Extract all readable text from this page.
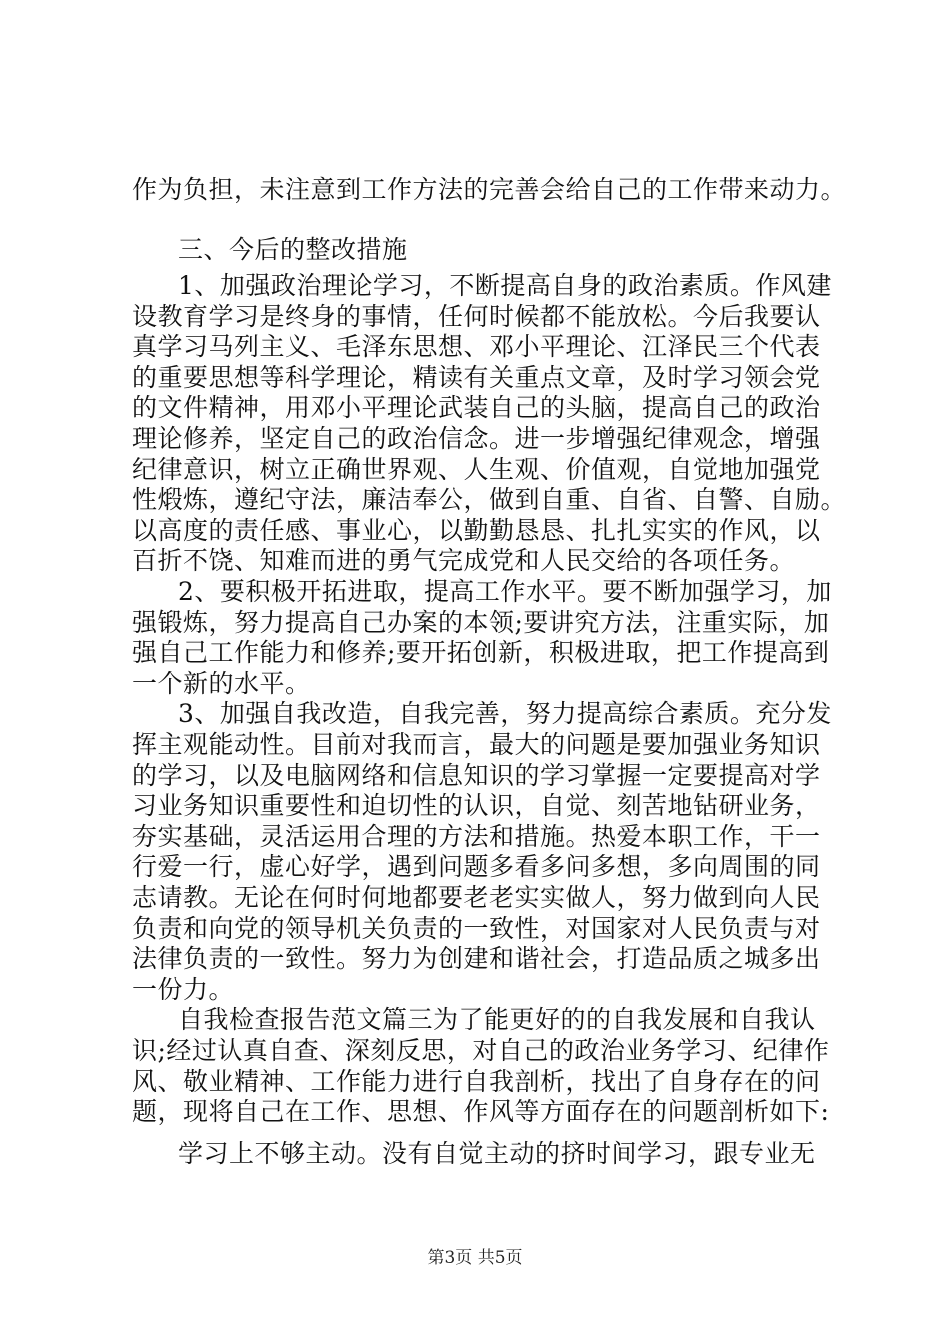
作为负担，未注意到工作方法的完善会给自己的工作带来动力。
三、今后的整改措施
1、加强政治理论学习，不断提高自身的政治素质。作风建
设教育学习是终身的事情，任何时候都不能放松。今后我要认
真学习马列主义、毛泽东思想、邓小平理论、江泽民三个代表
的重要思想等科学理论，精读有关重点文章，及时学习领会党
的文件精神，用邓小平理论武装自己的头脑，提高自己的政治
理论修养，坚定自己的政治信念。进一步增强纪律观念，增强
纪律意识，树立正确世界观、人生观、价值观，自觉地加强党
性煅炼，遵纪守法，廉洁奉公，做到自重、自省、自警、自励。
以高度的责任感、事业心，以勤勤恳恳、扎扎实实的作风，以
百折不饶、知难而进的勇气完成党和人民交给的各项任务。
2、要积极开拓进取，提高工作水平。要不断加强学习，加
强锻炼，努力提高自己办案的本领;要讲究方法，注重实际，加
强自己工作能力和修养;要开拓创新，积极进取，把工作提高到
一个新的水平。
3、加强自我改造，自我完善，努力提高综合素质。充分发
挥主观能动性。目前对我而言，最大的问题是要加强业务知识
的学习，以及电脑网络和信息知识的学习掌握一定要提高对学
习业务知识重要性和迫切性的认识，自觉、刻苦地钻研业务，
夯实基础，灵活运用合理的方法和措施。热爱本职工作，干一
行爱一行，虚心好学，遇到问题多看多问多想，多向周围的同
志请教。无论在何时何地都要老老实实做人，努力做到向人民
负责和向党的领导机关负责的一致性，对国家对人民负责与对
法律负责的一致性。努力为创建和谐社会，打造品质之城多出
一份力。
自我检查报告范文篇三为了能更好的的自我发展和自我认
识;经过认真自查、深刻反思，对自己的政治业务学习、纪律作
风、敬业精神、工作能力进行自我剖析，找出了自身存在的问
题，现将自己在工作、思想、作风等方面存在的问题剖析如下:
学习上不够主动。没有自觉主动的挤时间学习，跟专业无
第3页 共5页
